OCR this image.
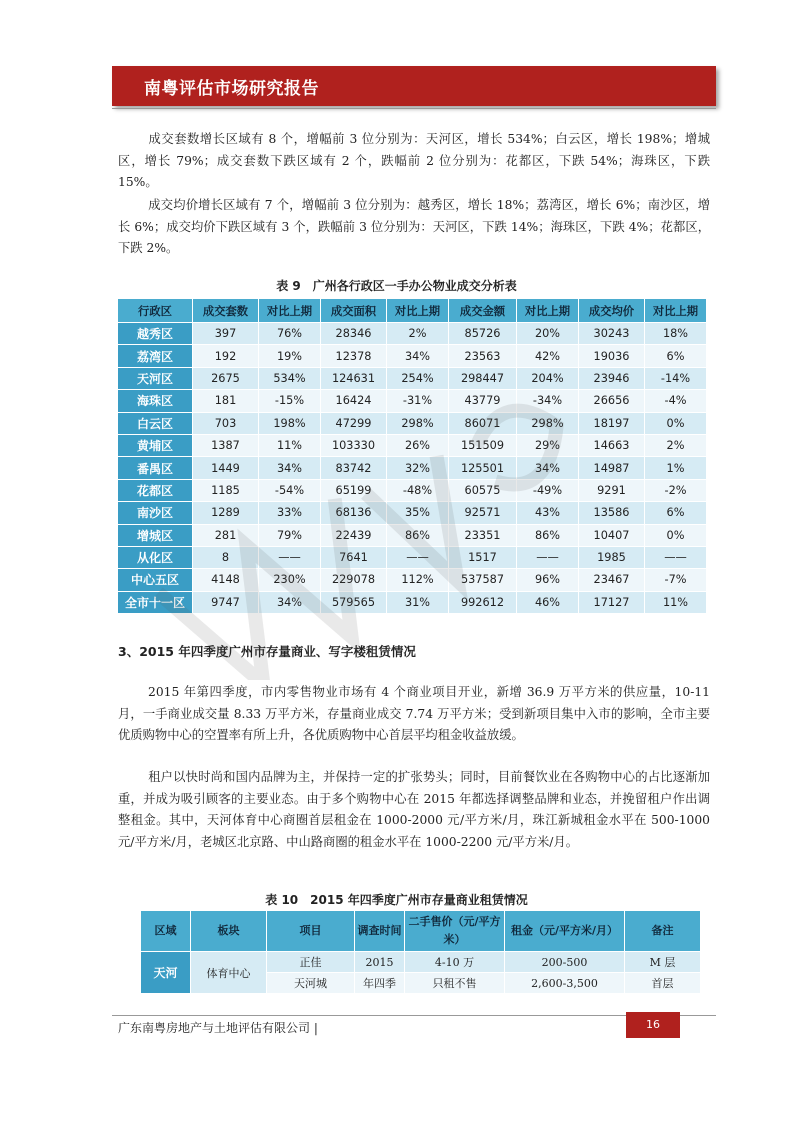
南粤评估市场研究报告

成交套数增长区域有 8 个，增幅前 3 位分别为：天河区，增长 534%；白云区，增长 198%；增城区，增长 79%；成交套数下跌区域有 2 个，跌幅前 2 位分别为：花都区，下跌 54%；海珠区，下跌 15%。

成交均价增长区域有 7 个，增幅前 3 位分别为：越秀区，增长 18%；荔湾区，增长 6%；南沙区，增长 6%；成交均价下跌区域有 3 个，跌幅前 3 位分别为：天河区，下跌 14%；海珠区，下跌 4%；花都区，下跌 2%。

表 9　广州各行政区一手办公物业成交分析表
行政区	成交套数	对比上期	成交面积	对比上期	成交金额	对比上期	成交均价	对比上期
越秀区	397	76%	28346	2%	85726	20%	30243	18%
荔湾区	192	19%	12378	34%	23563	42%	19036	6%
天河区	2675	534%	124631	254%	298447	204%	23946	-14%
海珠区	181	-15%	16424	-31%	43779	-34%	26656	-4%
白云区	703	198%	47299	298%	86071	298%	18197	0%
黄埔区	1387	11%	103330	26%	151509	29%	14663	2%
番禺区	1449	34%	83742	32%	125501	34%	14987	1%
花都区	1185	-54%	65199	-48%	60575	-49%	9291	-2%
南沙区	1289	33%	68136	35%	92571	43%	13586	6%
增城区	281	79%	22439	86%	23351	86%	10407	0%
从化区	8	——	7641	——	1517	——	1985	——
中心五区	4148	230%	229078	112%	537587	96%	23467	-7%
全市十一区	9747	34%	579565	31%	992612	46%	17127	11%
3、2015 年四季度广州市存量商业、写字楼租赁情况

2015 年第四季度，市内零售物业市场有 4 个商业项目开业，新增 36.9 万平方米的供应量，10-11 月，一手商业成交量 8.33 万平方米，存量商业成交 7.74 万平方米；受到新项目集中入市的影响，全市主要优质购物中心的空置率有所上升，各优质购物中心首层平均租金收益放缓。

租户以快时尚和国内品牌为主，并保持一定的扩张势头；同时，目前餐饮业在各购物中心的占比逐渐加重，并成为吸引顾客的主要业态。由于多个购物中心在 2015 年都选择调整品牌和业态，并挽留租户作出调整租金。其中，天河体育中心商圈首层租金在 1000-2000 元/平方米/月，珠江新城租金水平在 500-1000 元/平方米/月，老城区北京路、中山路商圈的租金水平在 1000-2200 元/平方米/月。

表 10　2015 年四季度广州市存量商业租赁情况
区域	板块	项目	调查时间	二手售价（元/平方米）	租金（元/平方米/月）	备注
天河	体育中心	正佳	2015	4-10 万	200-500	M 层
		天河城	年四季	只租不售	2,600-3,500	首层
广东南粤房地产与土地评估有限公司 |	16
